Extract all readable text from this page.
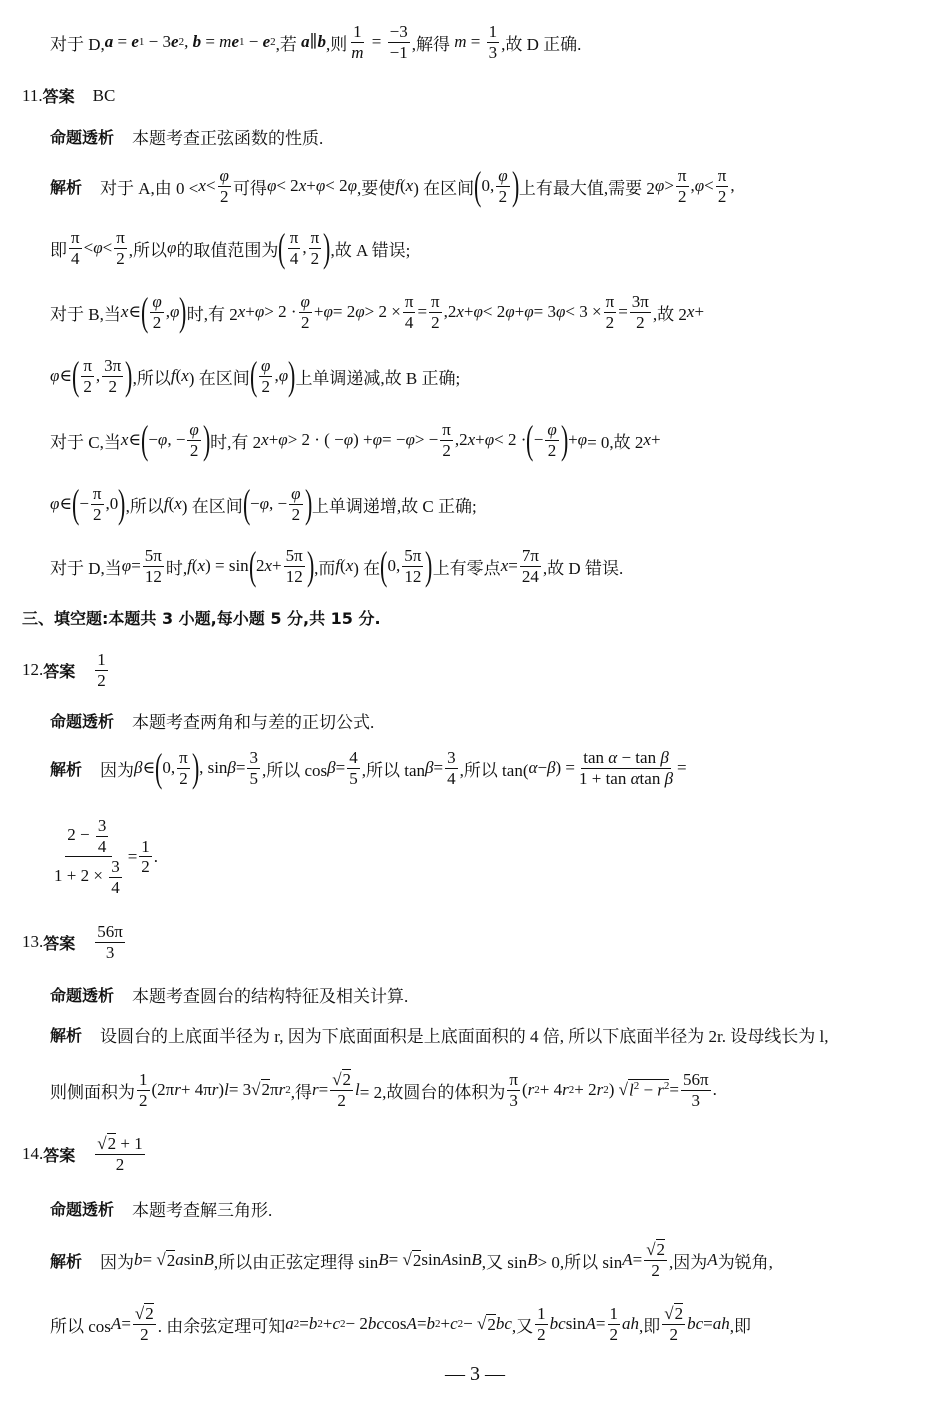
对于 D, a = e 1 − 3 e 2 , b = m e 1 − e 2 ,若 a ∥ b ,则 $\frac{1}{m} = \frac{-3}{-1}$ ,解得 $m = \frac{1}{3}$ ,故 D 正确.
11. 答案 BC
命题透析 本题考查正弦函数的性质.
解析 对于 A,由 $0 < x < \frac{\varphi}{2}$ 可得 φ < 2 x + φ < 2 φ ,要使 f ( x ) 在区间 ( 0, $\frac{\varphi}{2}$ ) 上有最大值,需要 2 $\varphi > \frac{\pi}{2}$ , $\varphi < \frac{\pi}{2}$ ,
即 $\frac{\pi}{4} < \varphi < \frac{\pi}{2}$ ,所以 φ 的取值范围为 ( $\frac{\pi}{4}$ , $\frac{\pi}{2}$ ) ,故 A 错误;
对于 B,当 x ∈ ( $\frac{\varphi}{2}$ , φ ) 时,有 2 $x + \varphi > 2 \cdot \frac{\varphi}{2} + \varphi = 2$ $\varphi > 2 \times \frac{\pi}{4} = \frac{\pi}{2} ,2$ x + φ < 2 φ + φ = 3 $\varphi < 3 \times \frac{\pi}{2} = \frac{3\pi}{2}$ ,故 2 x +
φ ∈ ( $\frac{\pi}{2}$ , $\frac{3\pi}{2}$ ) ,所以 f ( x ) 在区间 ( $\frac{\varphi}{2}$ , φ ) 上单调递减,故 B 正确;
对于 C,当 x ∈ ( − φ , − $\frac{\varphi}{2}$ ) 时,有 2 x + φ > 2 · ( − φ ) + φ = − φ > − $\frac{\pi}{2} ,2$ x + φ < 2 · ( − $\frac{\varphi}{2}$ ) + φ = 0,故 2 x +
φ ∈ ( − $\frac{\pi}{2} ,0$ ) ,所以 f ( x ) 在区间 ( − φ , − $\frac{\varphi}{2}$ ) 上单调递增,故 C 正确;
对于 D,当 $\varphi = \frac{5\pi}{12}$ 时, f ( x ) = sin ( 2 $x + \frac{5\pi}{12}$ ) ,而 f ( x ) 在 ( 0, $\frac{5\pi}{12}$ ) 上有零点 $x = \frac{7\pi}{24}$ ,故 D 错误.
三、填空题:本题共 3 小题,每小题 5 分,共 15 分.
12. 答案 $\frac{1}{2}$
命题透析 本题考查两角和与差的正切公式.
解析 因为 β ∈ ( 0, $\frac{\pi}{2}$ ) , $\sin \beta = \frac{3}{5}$ ,所以 $\cos \beta = \frac{4}{5}$ ,所以 $\tan \beta = \frac{3}{4}$ ,所以 tan( α − β ) = $\frac{\text{tan α − tan β}}{\text{1 + tan αtan β}}$ =
$\frac{2 - \frac{3}{4}}{1 + 2 \times \frac{3}{4}} = \frac{1}{2}$ .
13. 答案 $\frac{56\pi}{3}$
命题透析 本题考查圆台的结构特征及相关计算.
解析 设圆台的上底面半径为 r, 因为下底面面积是上底面面积的 4 倍, 所以下底面半径为 2r. 设母线长为 l,
则侧面积为 $\frac{1}{2} (2\pi$ r + 4π r ) l = 3 √2 π r 2 ,得 $r = \frac{√2}{2}$ l = 2,故圆台的体积为 $\frac{\pi}{3}$ ( r 2 + 4 r 2 + 2 r 2 ) √ $l^2 - r^2 = \frac{56\pi}{3}$ .
14. 答案 $\frac{√2 + 1}{2}$
命题透析 本题考查解三角形.
解析 因为 b = √ 2 a sin B ,所以由正弦定理得 sin B = √ 2 sin A sin B ,又 sin B > 0,所以 $\sin A = \frac{√2}{2}$ ,因为 A 为锐角,
所以 $\cos A = \frac{√2}{2}$ . 由余弦定理可知 a 2 = b 2 + c 2 − 2 bc cos A = b 2 + c 2 − √ 2 bc ,又 $\frac{1}{2}$ bc $\sin A = \frac{1}{2}$ ah ,即 $\frac{√2}{2}$ bc = ah ,即
— 3 —
